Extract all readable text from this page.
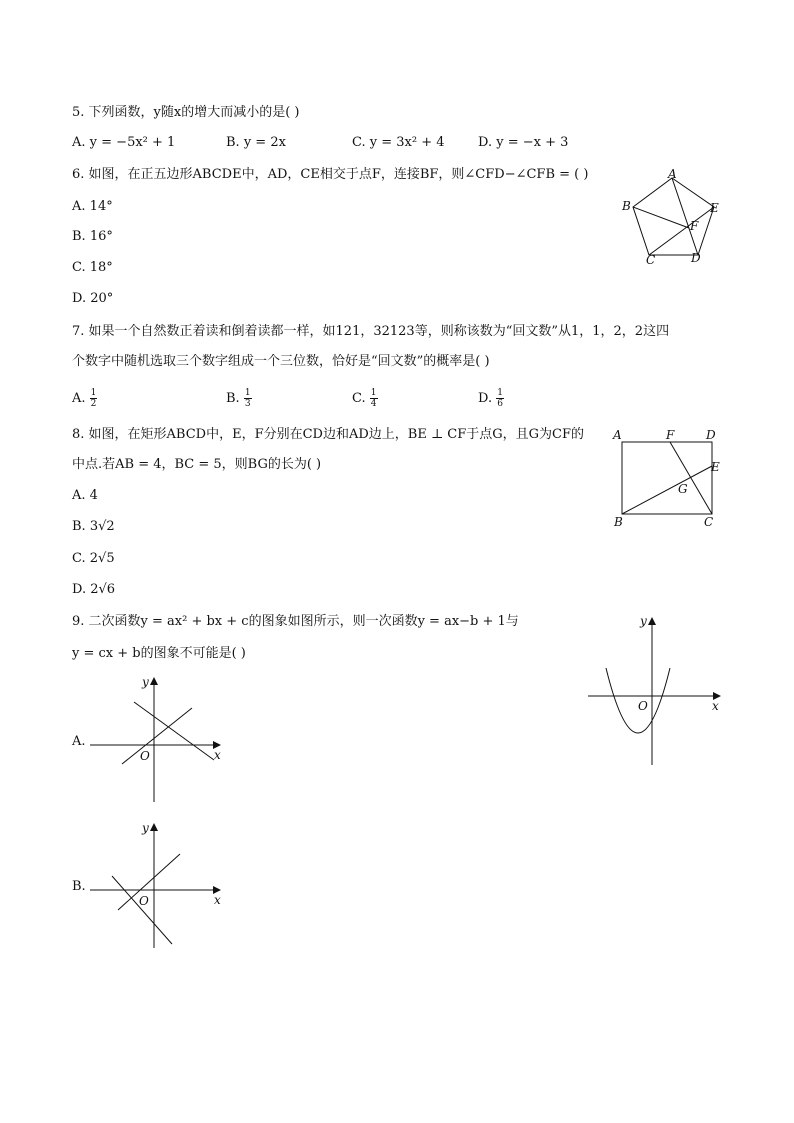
5. 下列函数，y随x的增大而减小的是( )
A. y = −5x² + 1	B. y = 2x	C. y = 3x² + 4	D. y = −x + 3
6. 如图，在正五边形ABCDE中，AD，CE相交于点F，连接BF，则∠CFD−∠CFB = ( )
A. 14°
B. 16°
C. 18°
D. 20°
A
B
C	D
E
F
7. 如果一个自然数正着读和倒着读都一样，如121，32123等，则称该数为“回文数”从1，1，2，2这四
个数字中随机选取三个数字组成一个三位数，恰好是“回文数”的概率是( )
A. $\frac{1}{2}$	B. $\frac{1}{3}$	C. $\frac{1}{4}$	D. $\frac{1}{6}$
8. 如图，在矩形ABCD中，E，F分别在CD边和AD边上，BE ⊥ CF于点G，且G为CF的
中点.若AB = 4，BC = 5，则BG的长为( )
A. 4
B. 3√2
C. 2√5
D. 2√6
A	F	D
E
G
B	C
9. 二次函数y = ax² + bx + c的图象如图所示，则一次函数y = ax−b + 1与
y = cx + b的图象不可能是( )
y
x
O
A.
y
x
O
B.
y
x
O
